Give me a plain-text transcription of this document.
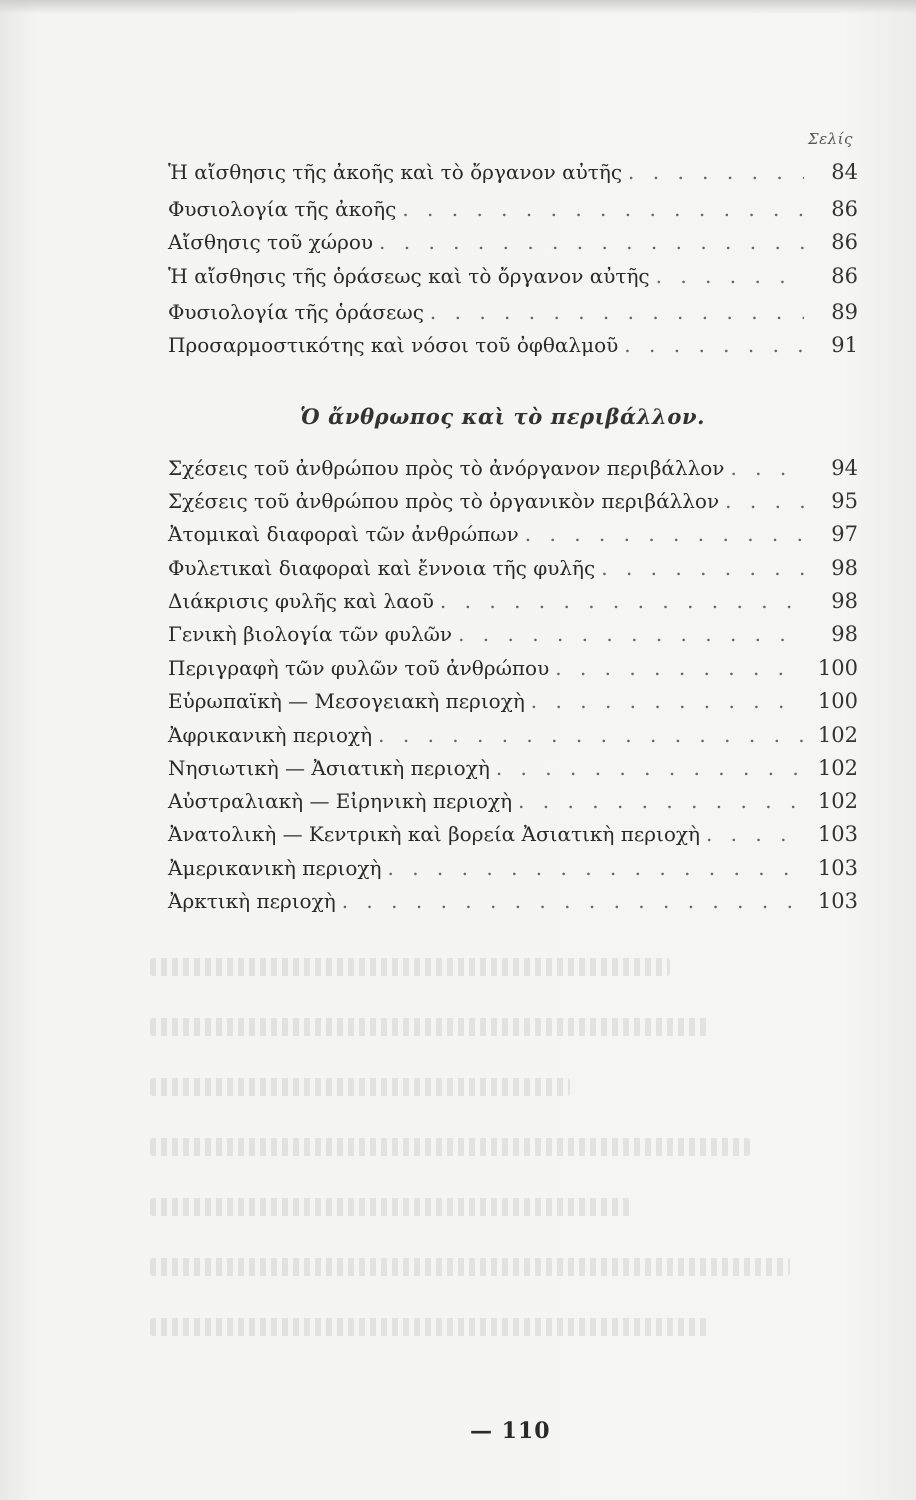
Σελίς
Ἡ αἴσθησις τῆς ἀκοῆς καὶ τὸ ὄργανον αὐτῆς . . .	84
Φυσιολογία τῆς ἀκοῆς . . .	86
Αἴσθησις τοῦ χώρου . . .	86
Ἡ αἴσθησις τῆς ὁράσεως καὶ τὸ ὄργανον αὐτῆς . . .	86
Φυσιολογία τῆς ὁράσεως . . .	89
Προσαρμοστικότης καὶ νόσοι τοῦ ὀφθαλμοῦ . . .	91
Ὁ ἄνθρωπος καὶ τὸ περιβάλλον.
Σχέσεις τοῦ ἀνθρώπου πρὸς τὸ ἀνόργανον περιβάλλον . . .	94
Σχέσεις τοῦ ἀνθρώπου πρὸς τὸ ὀργανικὸν περιβάλλον . . .	95
Ἀτομικαὶ διαφοραὶ τῶν ἀνθρώπων . . .	97
Φυλετικαὶ διαφοραὶ καὶ ἔννοια τῆς φυλῆς . . .	98
Διάκρισις φυλῆς καὶ λαοῦ . . .	98
Γενικὴ βιολογία τῶν φυλῶν . . .	98
Περιγραφὴ τῶν φυλῶν τοῦ ἀνθρώπου . . .	100
Εὐρωπαϊκὴ — Μεσογειακὴ περιοχὴ . . .	100
Ἀφρικανικὴ περιοχὴ . . .	102
Νησιωτικὴ — Ἀσιατικὴ περιοχὴ . . .	102
Αὐστραλιακὴ — Εἰρηνικὴ περιοχὴ . . .	102
Ἀνατολικὴ — Κεντρικὴ καὶ βορεία Ἀσιατικὴ περιοχὴ . . .	103
Ἀμερικανικὴ περιοχὴ . . .	103
Ἀρκτικὴ περιοχὴ . . .	103
— 110
